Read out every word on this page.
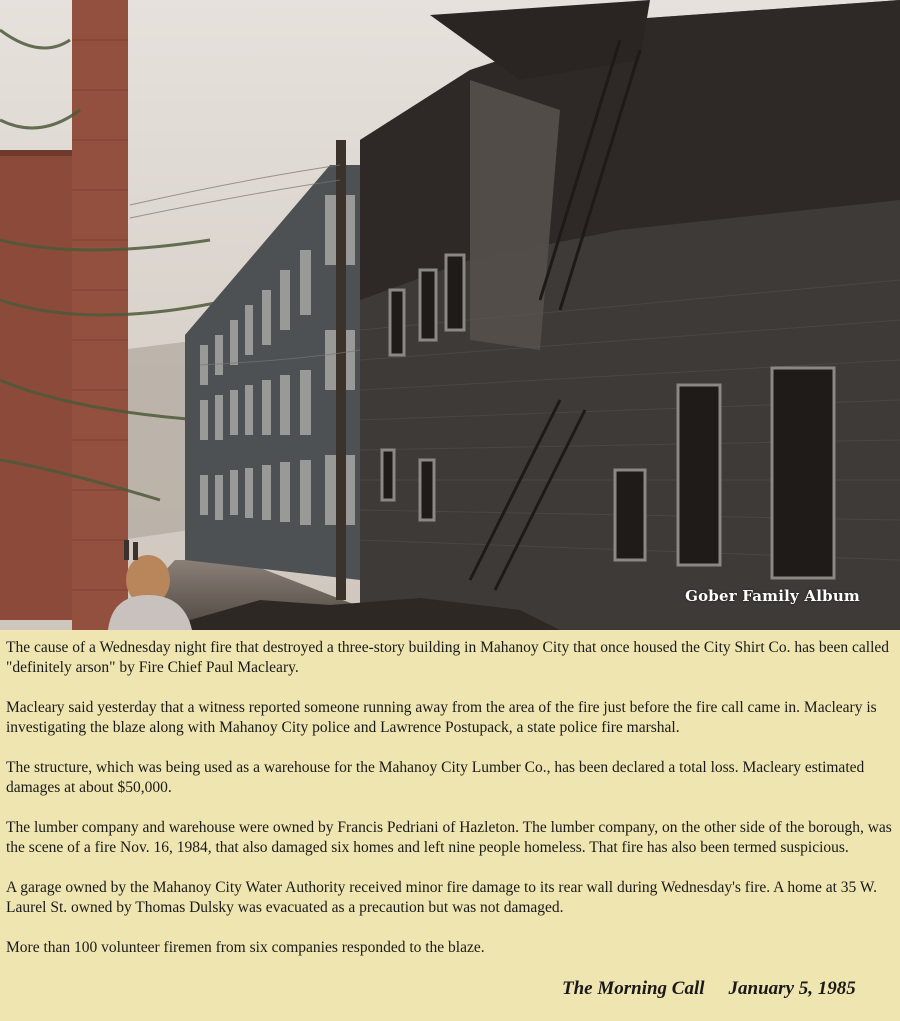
Gober Family Album

The cause of a Wednesday night fire that destroyed a three-story building in Mahanoy City that once housed the City Shirt Co. has been called "definitely arson" by Fire Chief Paul Macleary.

Macleary said yesterday that a witness reported someone running away from the area of the fire just before the fire call came in. Macleary is investigating the blaze along with Mahanoy City police and Lawrence Postupack, a state police fire marshal.

The structure, which was being used as a warehouse for the Mahanoy City Lumber Co., has been declared a total loss. Macleary estimated damages at about $50,000.

The lumber company and warehouse were owned by Francis Pedriani of Hazleton. The lumber company, on the other side of the borough, was the scene of a fire Nov. 16, 1984, that also damaged six homes and left nine people homeless. That fire has also been termed suspicious.

A garage owned by the Mahanoy City Water Authority received minor fire damage to its rear wall during Wednesday's fire. A home at 35 W. Laurel St. owned by Thomas Dulsky was evacuated as a precaution but was not damaged.

More than 100 volunteer firemen from six companies responded to the blaze.

The Morning Call January 5, 1985
